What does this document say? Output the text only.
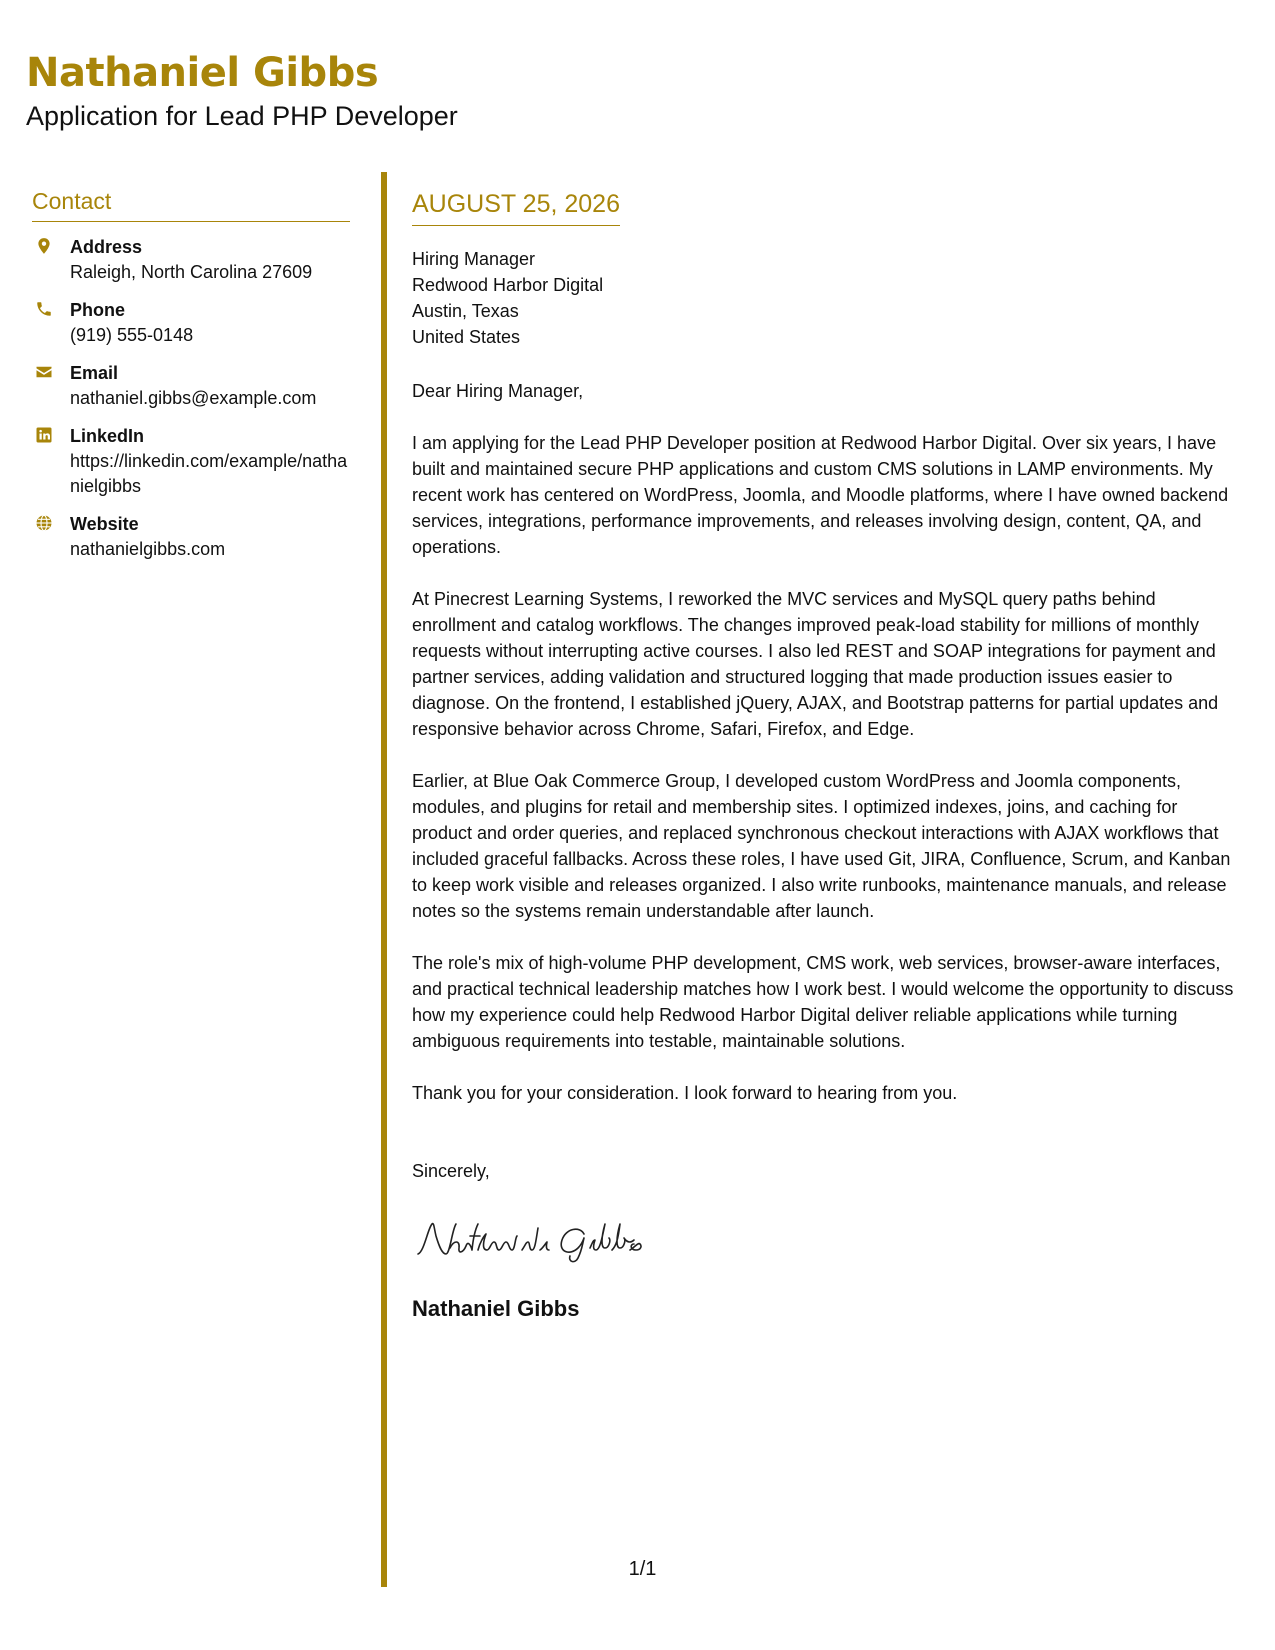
Nathaniel Gibbs
Application for Lead PHP Developer
Contact
Address
Raleigh, North Carolina 27609
Phone
(919) 555-0148
Email
nathaniel.gibbs@example.com
LinkedIn
https://linkedin.com/example/nathanielgibbs
Website
nathanielgibbs.com
AUGUST 25, 2026
Hiring Manager
Redwood Harbor Digital
Austin, Texas
United States

Dear Hiring Manager,

I am applying for the Lead PHP Developer position at Redwood Harbor Digital. Over six years, I have built and maintained secure PHP applications and custom CMS solutions in LAMP environments. My recent work has centered on WordPress, Joomla, and Moodle platforms, where I have owned backend services, integrations, performance improvements, and releases involving design, content, QA, and operations.

At Pinecrest Learning Systems, I reworked the MVC services and MySQL query paths behind enrollment and catalog workflows. The changes improved peak-load stability for millions of monthly requests without interrupting active courses. I also led REST and SOAP integrations for payment and partner services, adding validation and structured logging that made production issues easier to diagnose. On the frontend, I established jQuery, AJAX, and Bootstrap patterns for partial updates and responsive behavior across Chrome, Safari, Firefox, and Edge.

Earlier, at Blue Oak Commerce Group, I developed custom WordPress and Joomla components, modules, and plugins for retail and membership sites. I optimized indexes, joins, and caching for product and order queries, and replaced synchronous checkout interactions with AJAX workflows that included graceful fallbacks. Across these roles, I have used Git, JIRA, Confluence, Scrum, and Kanban to keep work visible and releases organized. I also write runbooks, maintenance manuals, and release notes so the systems remain understandable after launch.

The role's mix of high-volume PHP development, CMS work, web services, browser-aware interfaces, and practical technical leadership matches how I work best. I would welcome the opportunity to discuss how my experience could help Redwood Harbor Digital deliver reliable applications while turning ambiguous requirements into testable, maintainable solutions.

Thank you for your consideration. I look forward to hearing from you.

Sincerely,

Nathaniel Gibbs
1/1
